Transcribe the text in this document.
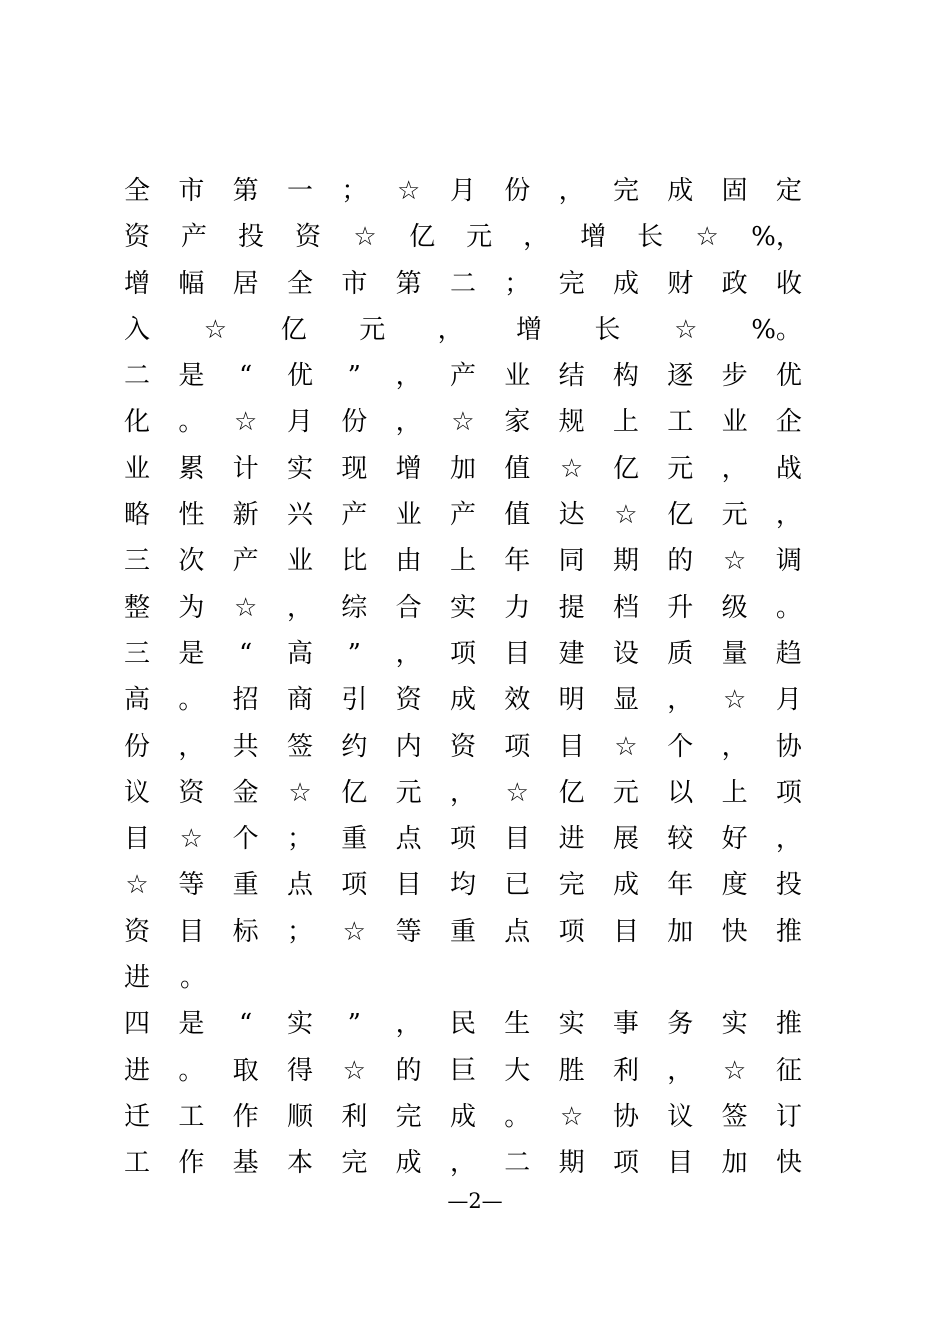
全 市 第 一 ； ☆ 月 份 ， 完 成 固 定
资 产 投 资 ☆ 亿 元 ， 增 长 ☆ %，
增 幅 居 全 市 第 二 ； 完 成 财 政 收
入 ☆ 亿 元 ， 增 长 ☆ %。
二 是 “ 优 ” ， 产 业 结 构 逐 步 优
化 。 ☆ 月 份 ， ☆ 家 规 上 工 业 企
业 累 计 实 现 增 加 值 ☆ 亿 元 ， 战
略 性 新 兴 产 业 产 值 达 ☆ 亿 元 ，
三 次 产 业 比 由 上 年 同 期 的 ☆ 调
整 为 ☆ ， 综 合 实 力 提 档 升 级 。
三 是 “ 高 ” ， 项 目 建 设 质 量 趋
高 。 招 商 引 资 成 效 明 显 ， ☆ 月
份 ， 共 签 约 内 资 项 目 ☆ 个 ， 协
议 资 金 ☆ 亿 元 ， ☆ 亿 元 以 上 项
目 ☆ 个 ； 重 点 项 目 进 展 较 好 ，
☆ 等 重 点 项 目 均 已 完 成 年 度 投
资 目 标 ； ☆ 等 重 点 项 目 加 快 推
进 。
四 是 “ 实 ” ， 民 生 实 事 务 实 推
进 。 取 得 ☆ 的 巨 大 胜 利 ， ☆ 征
迁 工 作 顺 利 完 成 。 ☆ 协 议 签 订
工 作 基 本 完 成 ， 二 期 项 目 加 快
—2—
